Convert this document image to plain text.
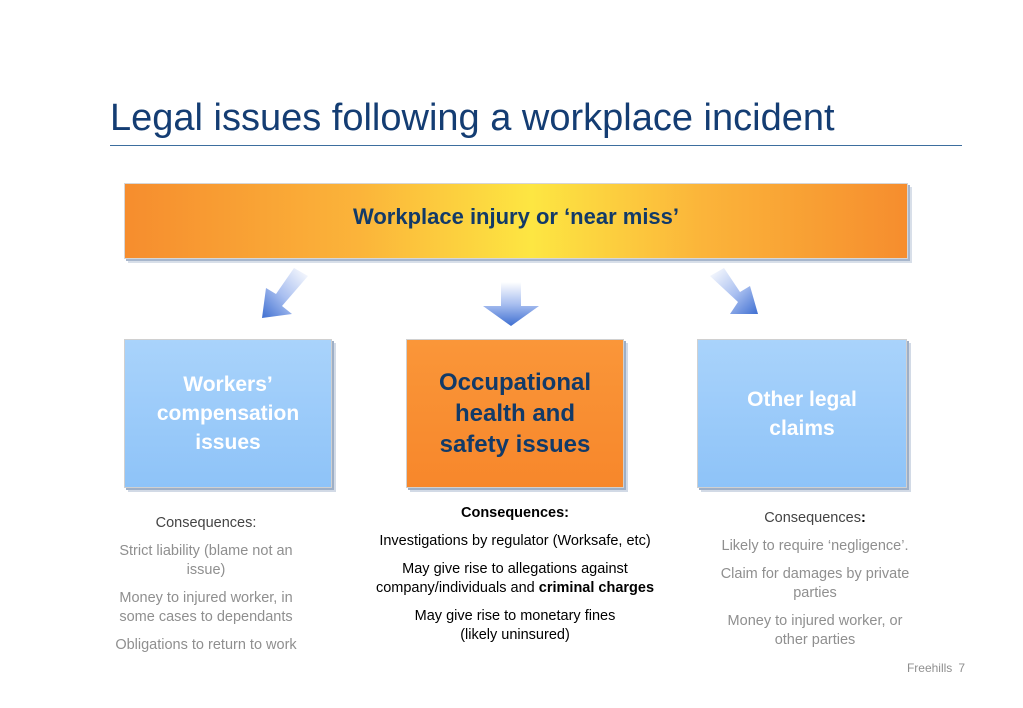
Legal issues following a workplace incident
Workplace injury or ‘near miss’
Workers’ compensation issues
Occupational health and safety issues
Other legal claims

Consequences:

Strict liability (blame not an issue)

Money to injured worker, in some cases to dependants

Obligations to return to work

Consequences:

Investigations by regulator (Worksafe, etc)

May give rise to allegations against company/individuals and criminal charges

May give rise to monetary fines (likely uninsured)

Consequences:

Likely to require ‘negligence’.

Claim for damages by private parties

Money to injured worker, or other parties

Freehills 7
